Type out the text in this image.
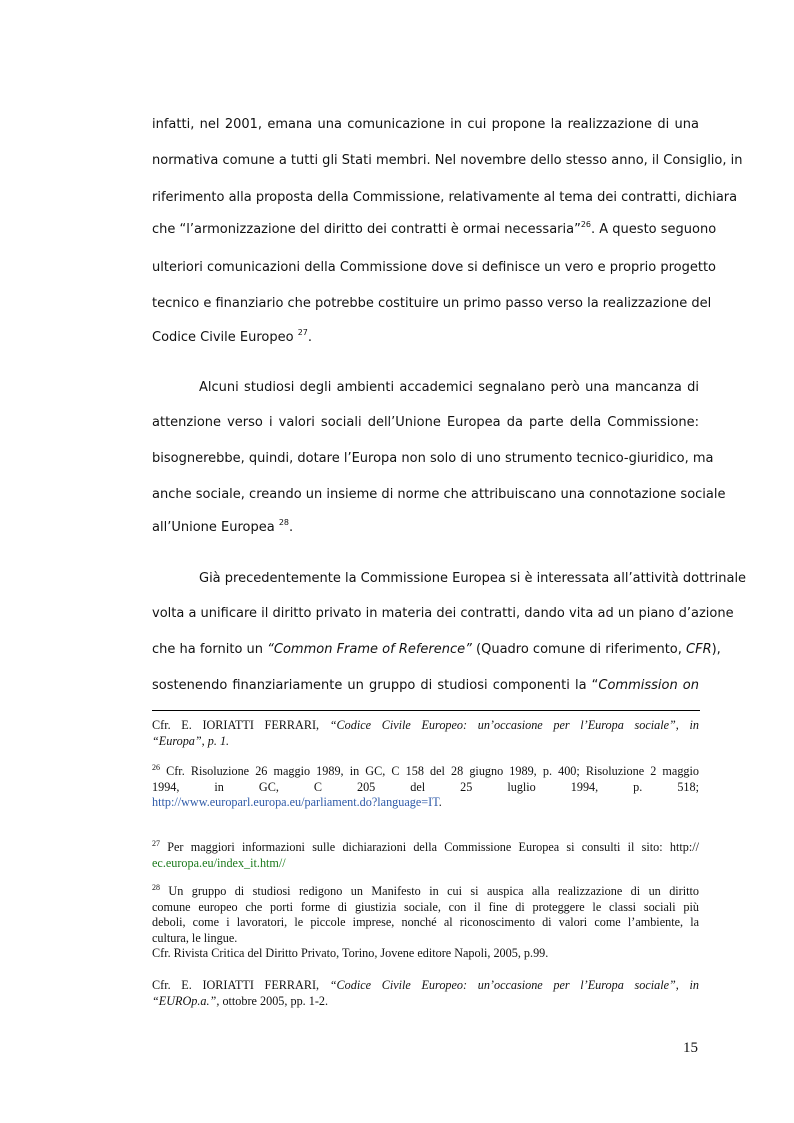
infatti, nel 2001, emana una comunicazione in cui propone la realizzazione di una
normativa comune a tutti gli Stati membri. Nel novembre dello stesso anno, il Consiglio, in
riferimento alla proposta della Commissione, relativamente al tema dei contratti, dichiara
che “l’armonizzazione del diritto dei contratti è ormai necessaria”$^{26}$. A questo seguono
ulteriori comunicazioni della Commissione dove si definisce un vero e proprio progetto
tecnico e finanziario che potrebbe costituire un primo passo verso la realizzazione del
Codice Civile Europeo $^{27}$.
Alcuni studiosi degli ambienti accademici segnalano però una mancanza di
attenzione verso i valori sociali dell’Unione Europea da parte della Commissione:
bisognerebbe, quindi, dotare l’Europa non solo di uno strumento tecnico-giuridico, ma
anche sociale, creando un insieme di norme che attribuiscano una connotazione sociale
all’Unione Europea $^{28}$.
Già precedentemente la Commissione Europea si è interessata all’attività dottrinale
volta a unificare il diritto privato in materia dei contratti, dando vita ad un piano d’azione
che ha fornito un “Common Frame of Reference” (Quadro comune di riferimento, CFR),
sostenendo finanziariamente un gruppo di studiosi componenti la “Commission on
Cfr. E. IORIATTI FERRARI, “Codice Civile Europeo: un’occasione per l’Europa sociale”, in
“Europa”, p. 1.
$^{26}$ Cfr. Risoluzione 26 maggio 1989, in GC, C 158 del 28 giugno 1989, p. 400; Risoluzione 2 maggio
1994, in GC, C 205 del 25 luglio 1994, p. 518;
http://www.europarl.europa.eu/parliament.do?language=IT.
$^{27}$ Per maggiori informazioni sulle dichiarazioni della Commissione Europea si consulti il sito: http://
ec.europa.eu/index_it.htm//
$^{28}$ Un gruppo di studiosi redigono un Manifesto in cui si auspica alla realizzazione di un diritto
comune europeo che porti forme di giustizia sociale, con il fine di proteggere le classi sociali più
deboli, come i lavoratori, le piccole imprese, nonché al riconoscimento di valori come l’ambiente, la
cultura, le lingue.
Cfr. Rivista Critica del Diritto Privato, Torino, Jovene editore Napoli, 2005, p.99.
Cfr. E. IORIATTI FERRARI, “Codice Civile Europeo: un’occasione per l’Europa sociale”, in
“EUROp.a.”, ottobre 2005, pp. 1-2.
15
